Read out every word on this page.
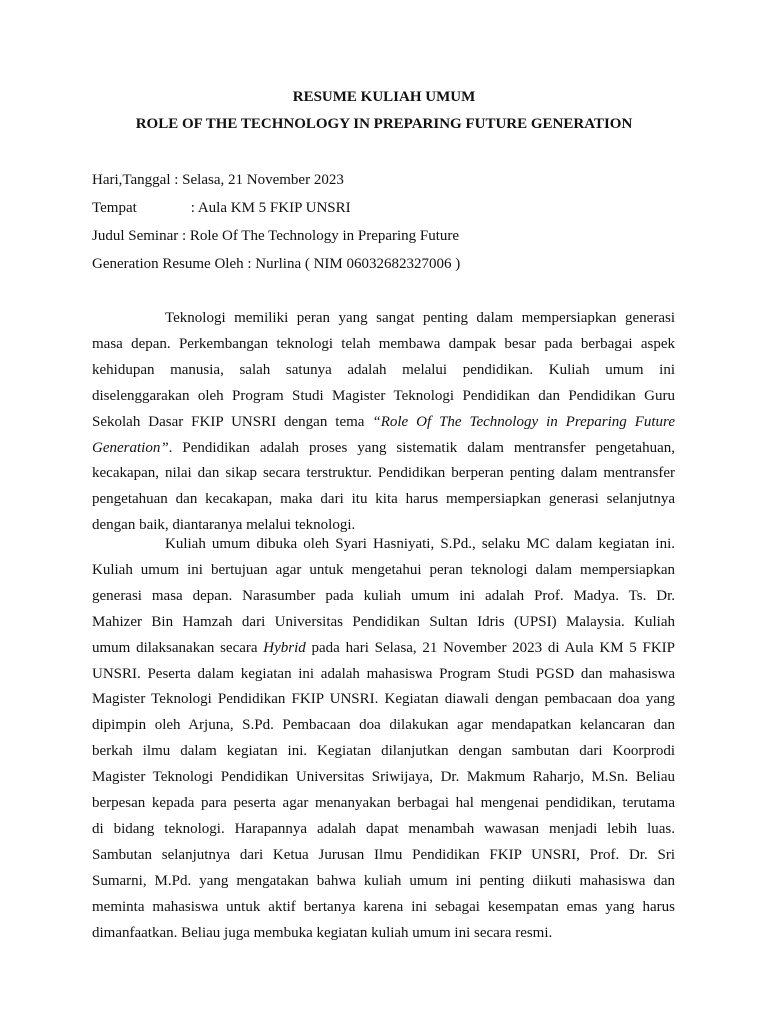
RESUME KULIAH UMUM
ROLE OF THE TECHNOLOGY IN PREPARING FUTURE GENERATION
Hari,Tanggal : Selasa, 21 November 2023
Tempat	: Aula KM 5 FKIP UNSRI
Judul Seminar : Role Of The Technology in Preparing Future
Generation Resume Oleh : Nurlina ( NIM 06032682327006 )
Teknologi memiliki peran yang sangat penting dalam mempersiapkan generasi
masa depan. Perkembangan teknologi telah membawa dampak besar pada berbagai aspek
kehidupan manusia, salah satunyа adalah melalui pendidikan. Kuliah umum ini
diselenggarakan oleh Program Studi Magister Teknologi Pendidikan dan Pendidikan Guru
Sekolah Dasar FKIP UNSRI dengan tema “Role Of The Technology in Preparing Future
Generation”. Pendidikan adalah proses yang sistematik dalam mentransfer pengetahuan,
kecakapan, nilai dan sikap secara terstruktur. Pendidikan berperan penting dalam mentransfer
pengetahuan dan kecakapan, maka dari itu kita harus mempersiapkan generasi selanjutnya
dengan baik, diantaranya melalui teknologi.
Kuliah umum dibuka oleh Syari Hasniyati, S.Pd., selaku MC dalam kegiatan ini.
Kuliah umum ini bertujuan agar untuk mengetahui peran teknologi dalam mempersiapkan
generasi masa depan. Narasumber pada kuliah umum ini adalah Prof. Madya. Ts. Dr.
Mahizer Bin Hamzah dari Universitas Pendidikan Sultan Idris (UPSI) Malaysia. Kuliah
umum dilaksanakan secara Hybrid pada hari Selasa, 21 November 2023 di Aula KM 5 FKIP
UNSRI. Peserta dalam kegiatan ini adalah mahasiswa Program Studi PGSD dan mahasiswa
Magister Teknologi Pendidikan FKIP UNSRI. Kegiatan diawali dengan pembacaan doa yang
dipimpin oleh Arjuna, S.Pd. Pembacaan doa dilakukan agar mendapatkan kelancaran dan
berkah ilmu dalam kegiatan ini. Kegiatan dilanjutkan dengan sambutan dari Koorprodi
Magister Teknologi Pendidikan Universitas Sriwijaya, Dr. Makmum Raharjo, M.Sn. Beliau
berpesan kepada para peserta agar menanyakan berbagai hal mengenai pendidikan, terutama
di bidang teknologi. Harapannya adalah dapat menambah wawasan menjadi lebih luas.
Sambutan selanjutnya dari Ketua Jurusan Ilmu Pendidikan FKIP UNSRI, Prof. Dr. Sri
Sumarni, M.Pd. yang mengatakan bahwa kuliah umum ini penting diikuti mahasiswa dan
meminta mahasiswa untuk aktif bertanya karena ini sebagai kesempatan emas yang harus
dimanfaatkan. Beliau juga membuka kegiatan kuliah umum ini secara resmi.
